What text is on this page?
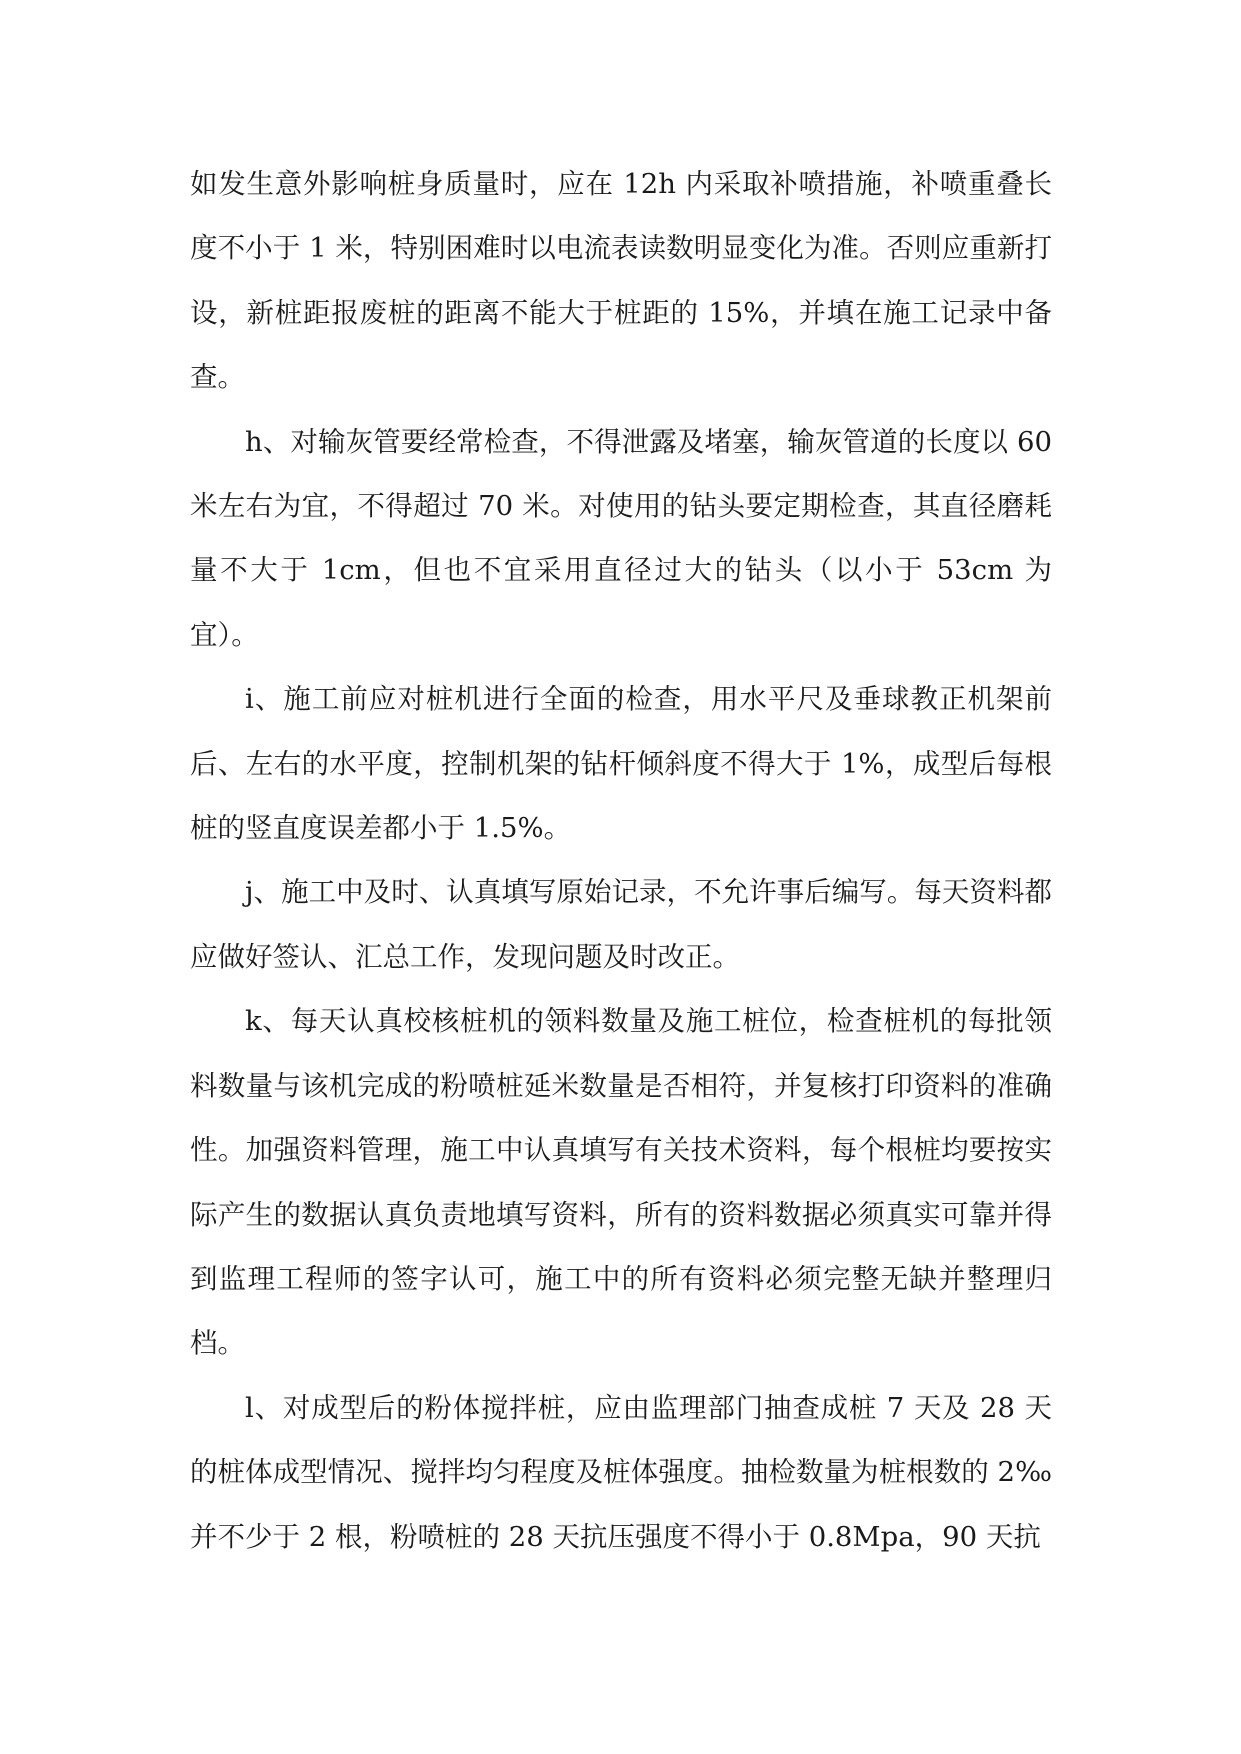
如发生意外影响桩身质量时，应在 12h 内采取补喷措施，补喷重叠长度不小于 1 米，特别困难时以电流表读数明显变化为准。否则应重新打设，新桩距报废桩的距离不能大于桩距的 15%，并填在施工记录中备查。

h、对输灰管要经常检查，不得泄露及堵塞，输灰管道的长度以 60 米左右为宜，不得超过 70 米。对使用的钻头要定期检查，其直径磨耗量不大于 1cm，但也不宜采用直径过大的钻头（以小于 53cm 为宜）。

i、施工前应对桩机进行全面的检查，用水平尺及垂球教正机架前后、左右的水平度，控制机架的钻杆倾斜度不得大于 1%，成型后每根桩的竖直度误差都小于 1.5%。

j、施工中及时、认真填写原始记录，不允许事后编写。每天资料都应做好签认、汇总工作，发现问题及时改正。

k、每天认真校核桩机的领料数量及施工桩位，检查桩机的每批领料数量与该机完成的粉喷桩延米数量是否相符，并复核打印资料的准确性。加强资料管理，施工中认真填写有关技术资料，每个根桩均要按实际产生的数据认真负责地填写资料，所有的资料数据必须真实可靠并得到监理工程师的签字认可，施工中的所有资料必须完整无缺并整理归档。

l、对成型后的粉体搅拌桩，应由监理部门抽查成桩 7 天及 28 天的桩体成型情况、搅拌均匀程度及桩体强度。抽检数量为桩根数的 2‰并不少于 2 根，粉喷桩的 28 天抗压强度不得小于 0.8Mpa，90 天抗
